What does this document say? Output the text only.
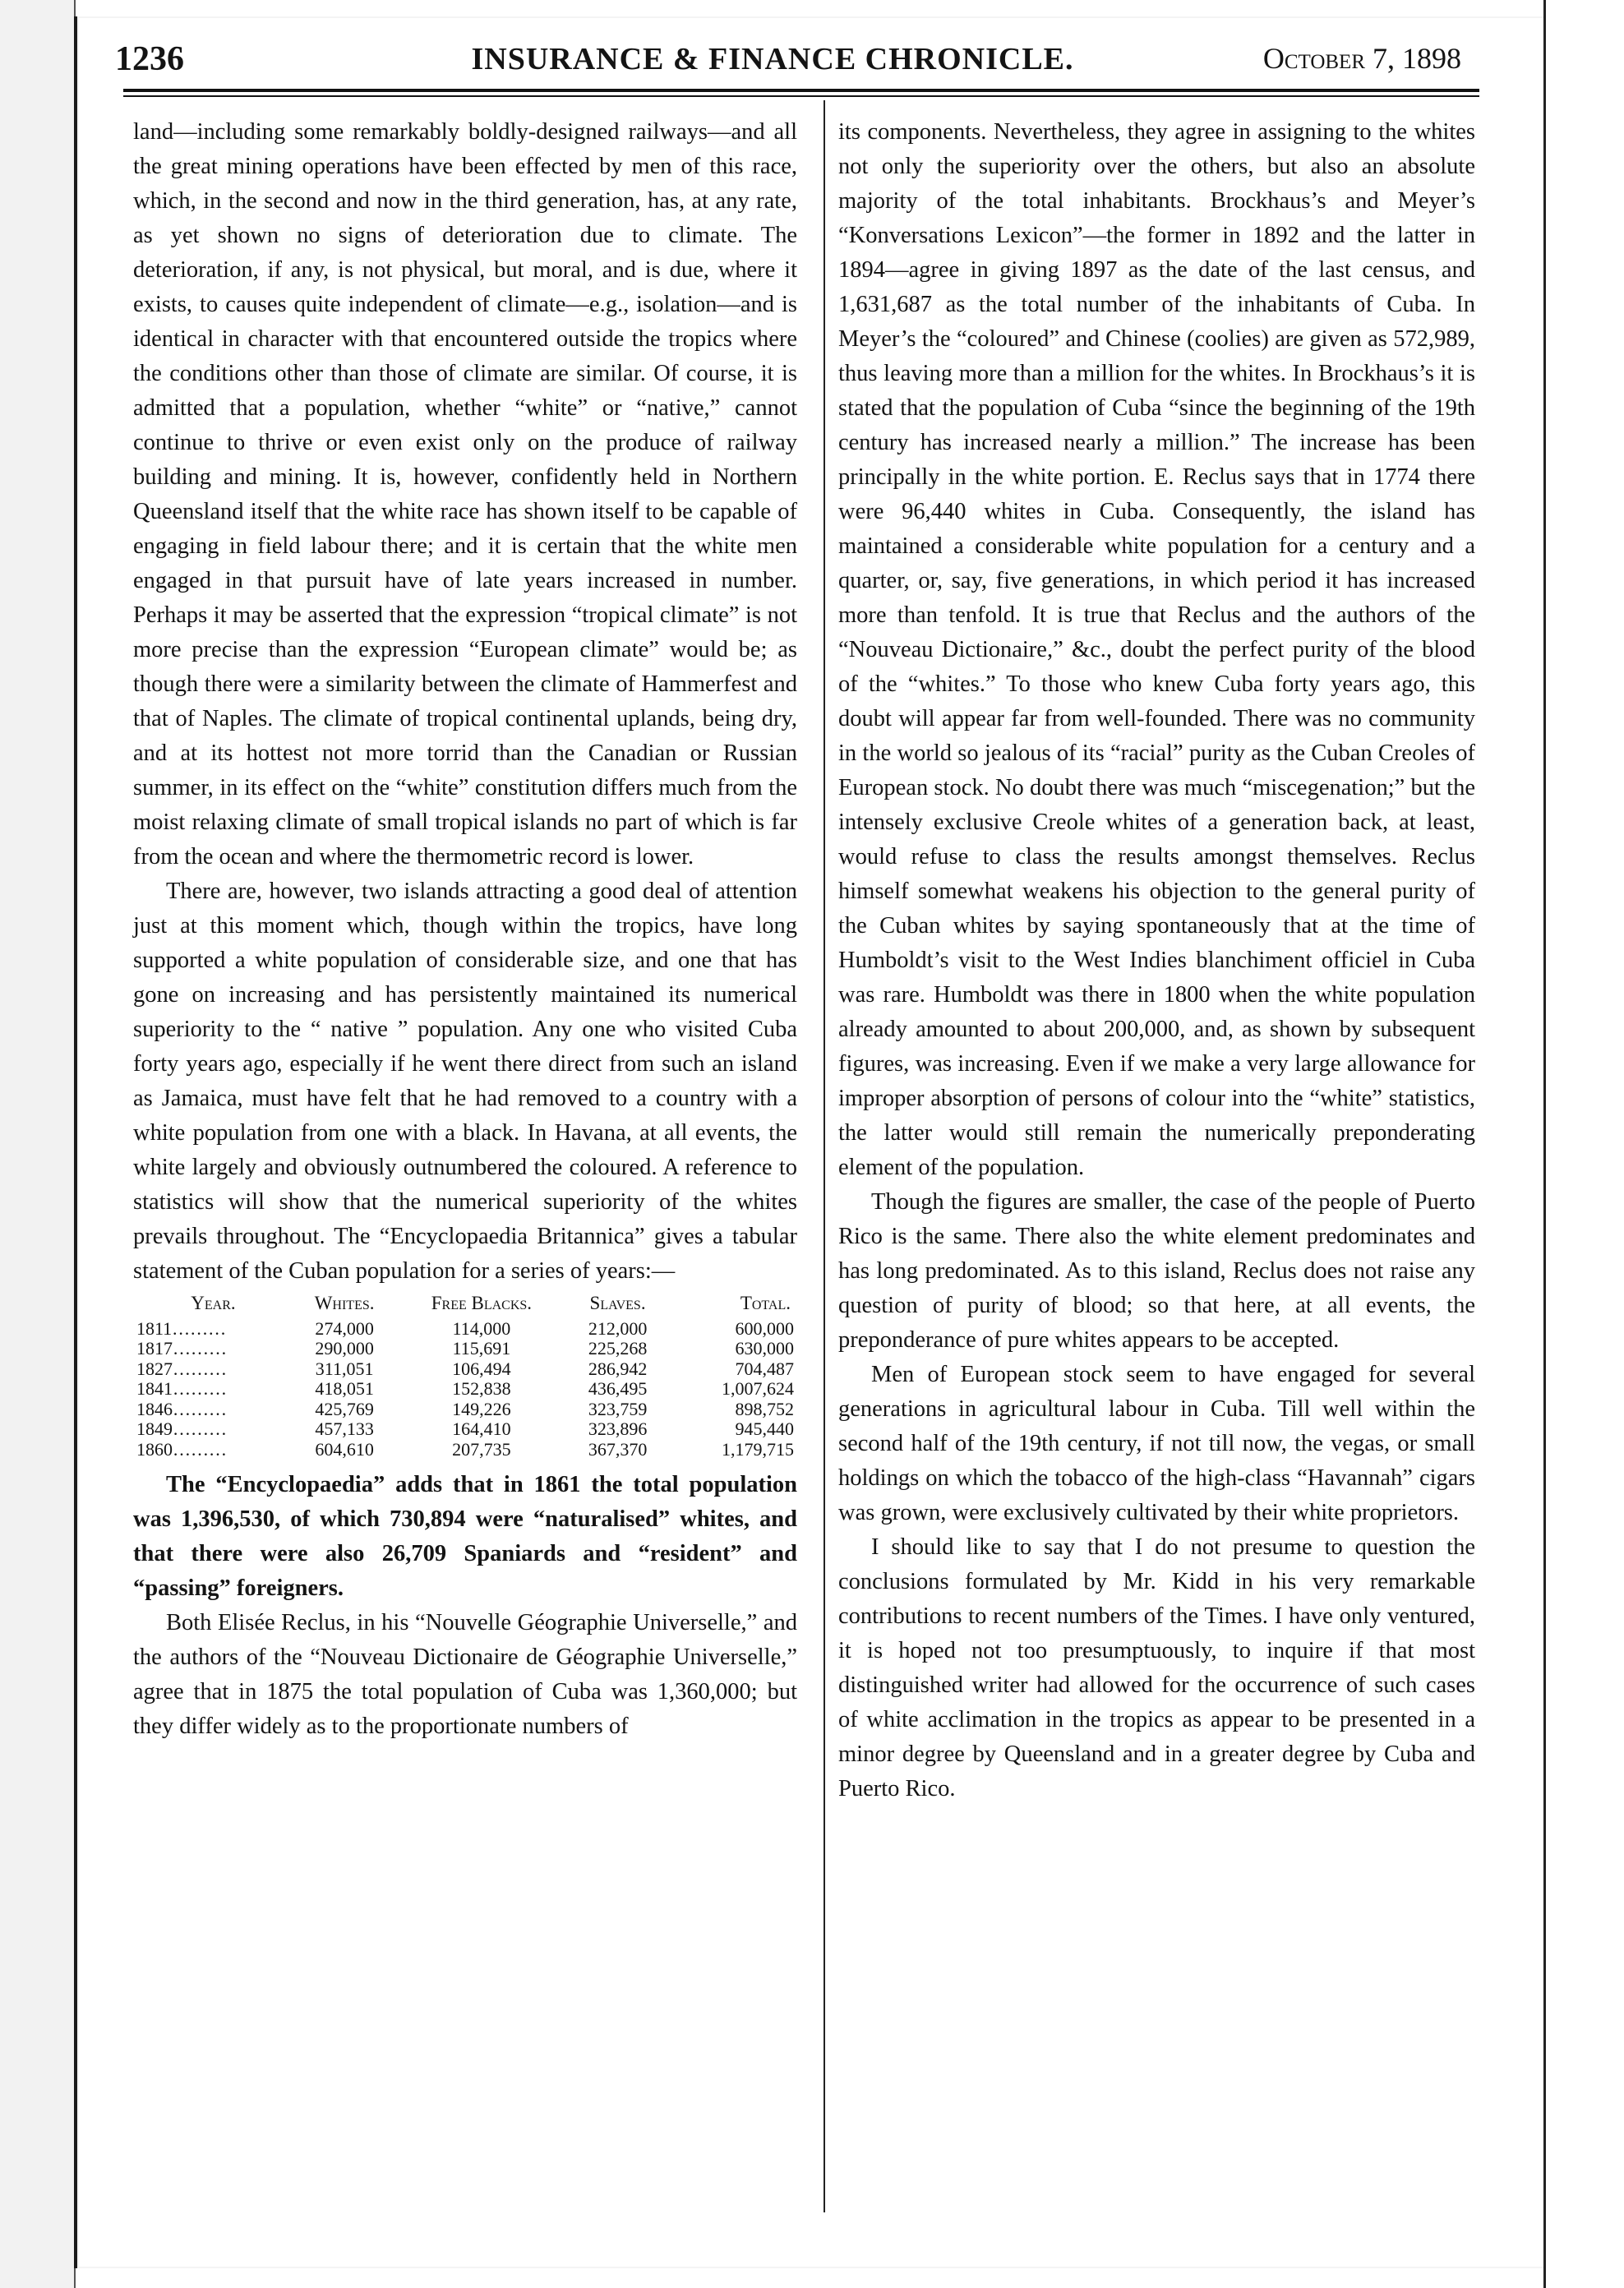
1236	INSURANCE & FINANCE CHRONICLE.	October 7, 1898

land—including some remarkably boldly-designed railways—and all the great mining operations have been effected by men of this race, which, in the second and now in the third generation, has, at any rate, as yet shown no signs of deterioration due to climate. The deterioration, if any, is not physical, but moral, and is due, where it exists, to causes quite independent of climate—e.g., isolation—and is identical in character with that encountered outside the tropics where the conditions other than those of climate are similar. Of course, it is admitted that a population, whether “white” or “native,” cannot continue to thrive or even exist only on the produce of railway building and mining. It is, however, confidently held in Northern Queensland itself that the white race has shown itself to be capable of engaging in field labour there; and it is certain that the white men engaged in that pursuit have of late years increased in number. Perhaps it may be asserted that the expression “tropical climate” is not more precise than the expression “European climate” would be; as though there were a similarity between the climate of Hammerfest and that of Naples. The climate of tropical continental uplands, being dry, and at its hottest not more torrid than the Canadian or Russian summer, in its effect on the “white” constitution differs much from the moist relaxing climate of small tropical islands no part of which is far from the ocean and where the thermometric record is lower.

There are, however, two islands attracting a good deal of attention just at this moment which, though within the tropics, have long supported a white population of considerable size, and one that has gone on increasing and has persistently maintained its numerical superiority to the “ native ” population. Any one who visited Cuba forty years ago, especially if he went there direct from such an island as Jamaica, must have felt that he had removed to a country with a white population from one with a black. In Havana, at all events, the white largely and obviously outnumbered the coloured. A reference to statistics will show that the numerical superiority of the whites prevails throughout. The “Encyclopaedia Britannica” gives a tabular statement of the Cuban population for a series of years:—

Year.	Whites.	Free Blacks.	Slaves.	Total.
1811………	274,000	114,000	212,000	600,000
1817………	290,000	115,691	225,268	630,000
1827………	311,051	106,494	286,942	704,487
1841………	418,051	152,838	436,495	1,007,624
1846………	425,769	149,226	323,759	898,752
1849………	457,133	164,410	323,896	945,440
1860………	604,610	207,735	367,370	1,179,715

The “Encyclopaedia” adds that in 1861 the total population was 1,396,530, of which 730,894 were “naturalised” whites, and that there were also 26,709 Spaniards and “resident” and “passing” foreigners.

Both Elisée Reclus, in his “Nouvelle Géographie Universelle,” and the authors of the “Nouveau Dictionaire de Géographie Universelle,” agree that in 1875 the total population of Cuba was 1,360,000; but they differ widely as to the proportionate numbers of

its components. Nevertheless, they agree in assigning to the whites not only the superiority over the others, but also an absolute majority of the total inhabitants. Brockhaus’s and Meyer’s “Konversations Lexicon”—the former in 1892 and the latter in 1894—agree in giving 1897 as the date of the last census, and 1,631,687 as the total number of the inhabitants of Cuba. In Meyer’s the “coloured” and Chinese (coolies) are given as 572,989, thus leaving more than a million for the whites. In Brockhaus’s it is stated that the population of Cuba “since the beginning of the 19th century has increased nearly a million.” The increase has been principally in the white portion. E. Reclus says that in 1774 there were 96,440 whites in Cuba. Consequently, the island has maintained a considerable white population for a century and a quarter, or, say, five generations, in which period it has increased more than tenfold. It is true that Reclus and the authors of the “Nouveau Dictionaire,” &c., doubt the perfect purity of the blood of the “whites.” To those who knew Cuba forty years ago, this doubt will appear far from well-founded. There was no community in the world so jealous of its “racial” purity as the Cuban Creoles of European stock. No doubt there was much “miscegenation;” but the intensely exclusive Creole whites of a generation back, at least, would refuse to class the results amongst themselves. Reclus himself somewhat weakens his objection to the general purity of the Cuban whites by saying spontaneously that at the time of Humboldt’s visit to the West Indies blanchiment officiel in Cuba was rare. Humboldt was there in 1800 when the white population already amounted to about 200,000, and, as shown by subsequent figures, was increasing. Even if we make a very large allowance for improper absorption of persons of colour into the “white” statistics, the latter would still remain the numerically preponderating element of the population.

Though the figures are smaller, the case of the people of Puerto Rico is the same. There also the white element predominates and has long predominated. As to this island, Reclus does not raise any question of purity of blood; so that here, at all events, the preponderance of pure whites appears to be accepted.

Men of European stock seem to have engaged for several generations in agricultural labour in Cuba. Till well within the second half of the 19th century, if not till now, the vegas, or small holdings on which the tobacco of the high-class “Havannah” cigars was grown, were exclusively cultivated by their white proprietors.

I should like to say that I do not presume to question the conclusions formulated by Mr. Kidd in his very remarkable contributions to recent numbers of the Times. I have only ventured, it is hoped not too presumptuously, to inquire if that most distinguished writer had allowed for the occurrence of such cases of white acclimation in the tropics as appear to be presented in a minor degree by Queensland and in a greater degree by Cuba and Puerto Rico.
